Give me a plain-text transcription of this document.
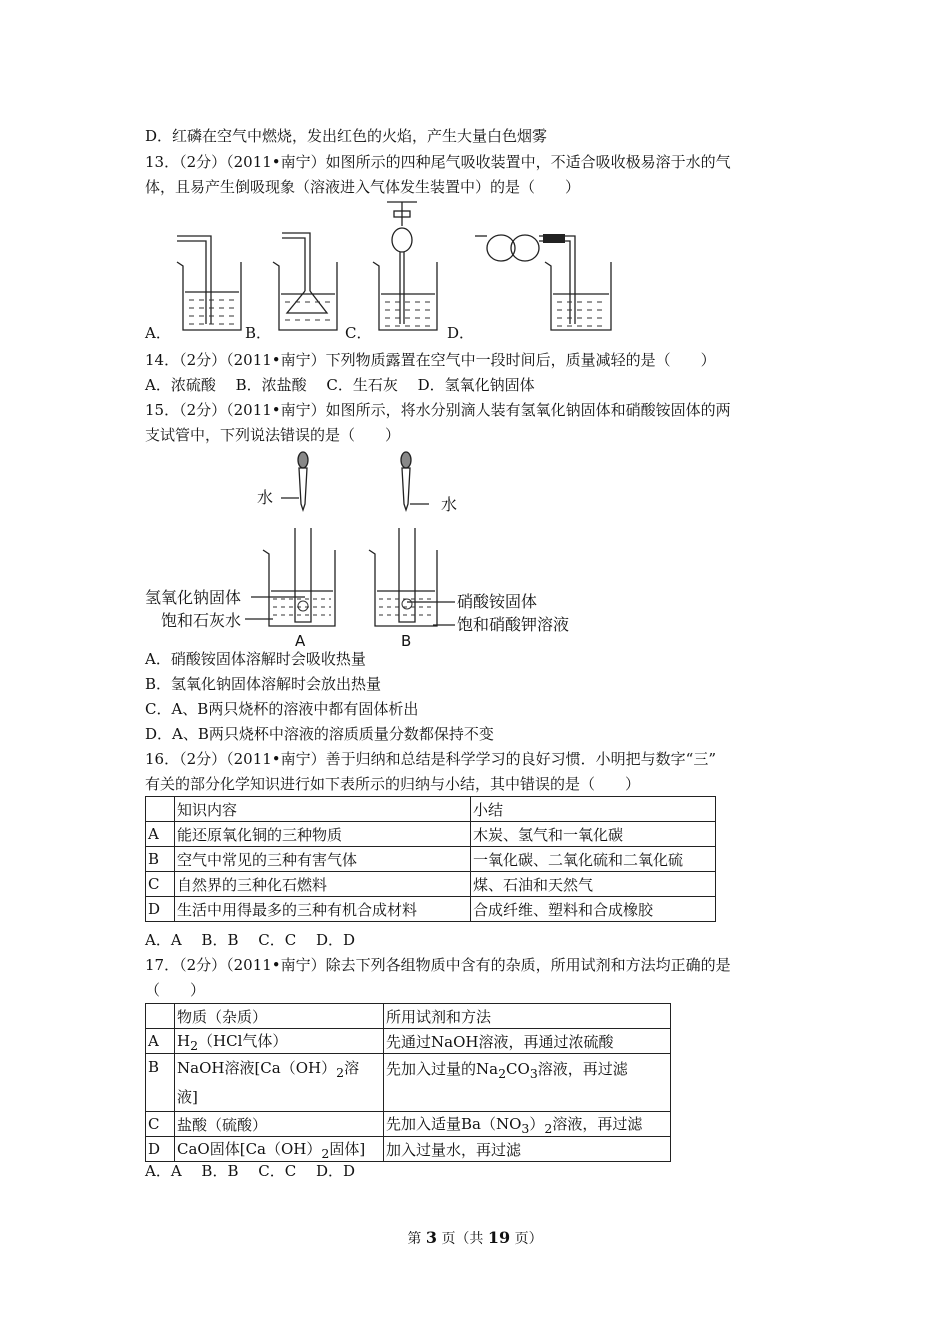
D．红磷在空气中燃烧，发出红色的火焰，产生大量白色烟雾
13．（2分）（2011•南宁）如图所示的四种尾气吸收装置中，不适合吸收极易溶于水的气
体，且易产生倒吸现象（溶液进入气体发生装置中）的是（　　）
A．	B．	C．	D．
14．（2分）（2011•南宁）下列物质露置在空气中一段时间后，质量减轻的是（　　）
A．浓硫酸　 B．浓盐酸　 C．生石灰　 D．氢氧化钠固体
15．（2分）（2011•南宁）如图所示，将水分别滴人装有氢氧化钠固体和硝酸铵固体的两
支试管中，下列说法错误的是（　　）
水	水
氢氧化钠固体
饱和石灰水
硝酸铵固体
饱和硝酸钾溶液
A	B
A．硝酸铵固体溶解时会吸收热量
B．氢氧化钠固体溶解时会放出热量
C．A、B两只烧杯的溶液中都有固体析出
D．A、B两只烧杯中溶液的溶质质量分数都保持不变
16．（2分）（2011•南宁）善于归纳和总结是科学学习的良好习惯．小明把与数字“三”
有关的部分化学知识进行如下表所示的归纳与小结，其中错误的是（　　）
	知识内容	小结
A	能还原氧化铜的三种物质	木炭、氢气和一氧化碳
B	空气中常见的三种有害气体	一氧化碳、二氧化硫和二氧化硫
C	自然界的三种化石燃料	煤、石油和天然气
D	生活中用得最多的三种有机合成材料	合成纤维、塑料和合成橡胶
A．A　 B．B　 C．C　 D．D
17．（2分）（2011•南宁）除去下列各组物质中含有的杂质，所用试剂和方法均正确的是
（　　）
	物质（杂质）	所用试剂和方法
A	$H_2(HCl$气体）	先通过NaOH溶液，再通过浓硫酸
B	NaOH溶液[$Ca(OH)_2$溶
液]	先加入过量的$Na_2CO_3$溶液，再过滤
C	盐酸（硫酸）	先加入适量$Ba(NO_3)_2$溶液，再过滤
D	CaO固体[$Ca(OH)_2$固体]	加入过量水，再过滤
A．A　 B．B　 C．C　 D．D
第 3 页（共 19 页）
